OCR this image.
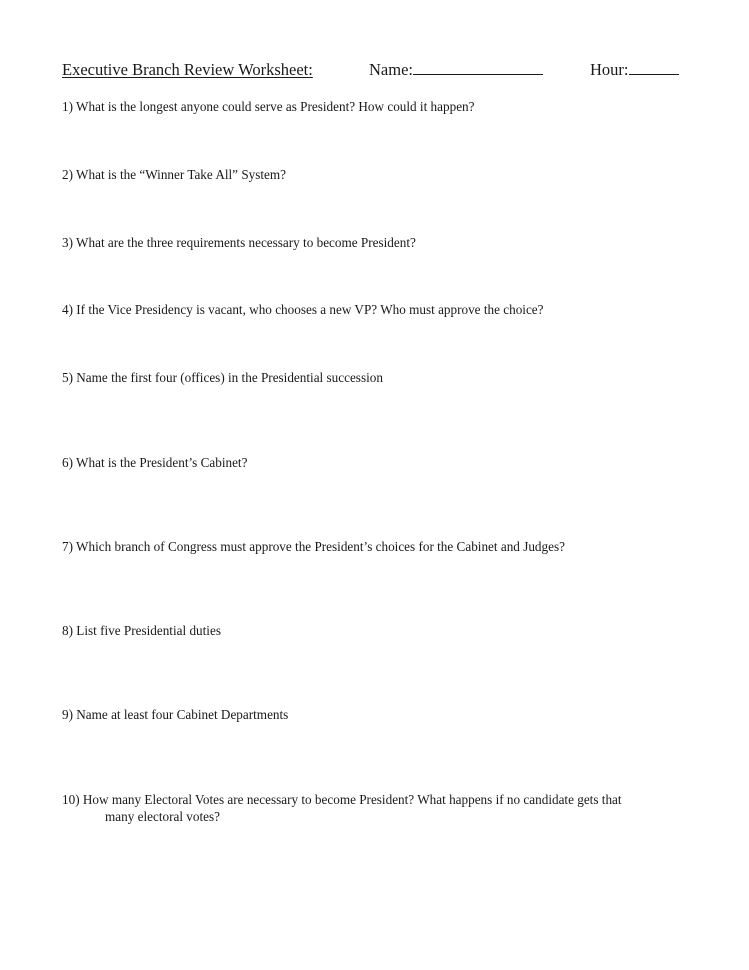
Executive Branch Review Worksheet:	Name:	Hour:
1) What is the longest anyone could serve as President? How could it happen?
2) What is the “Winner Take All” System?
3) What are the three requirements necessary to become President?
4) If the Vice Presidency is vacant, who chooses a new VP? Who must approve the choice?
5) Name the first four (offices) in the Presidential succession
6) What is the President’s Cabinet?
7) Which branch of Congress must approve the President’s choices for the Cabinet and Judges?
8) List five Presidential duties
9) Name at least four Cabinet Departments
10) How many Electoral Votes are necessary to become President? What happens if no candidate gets that
many electoral votes?
